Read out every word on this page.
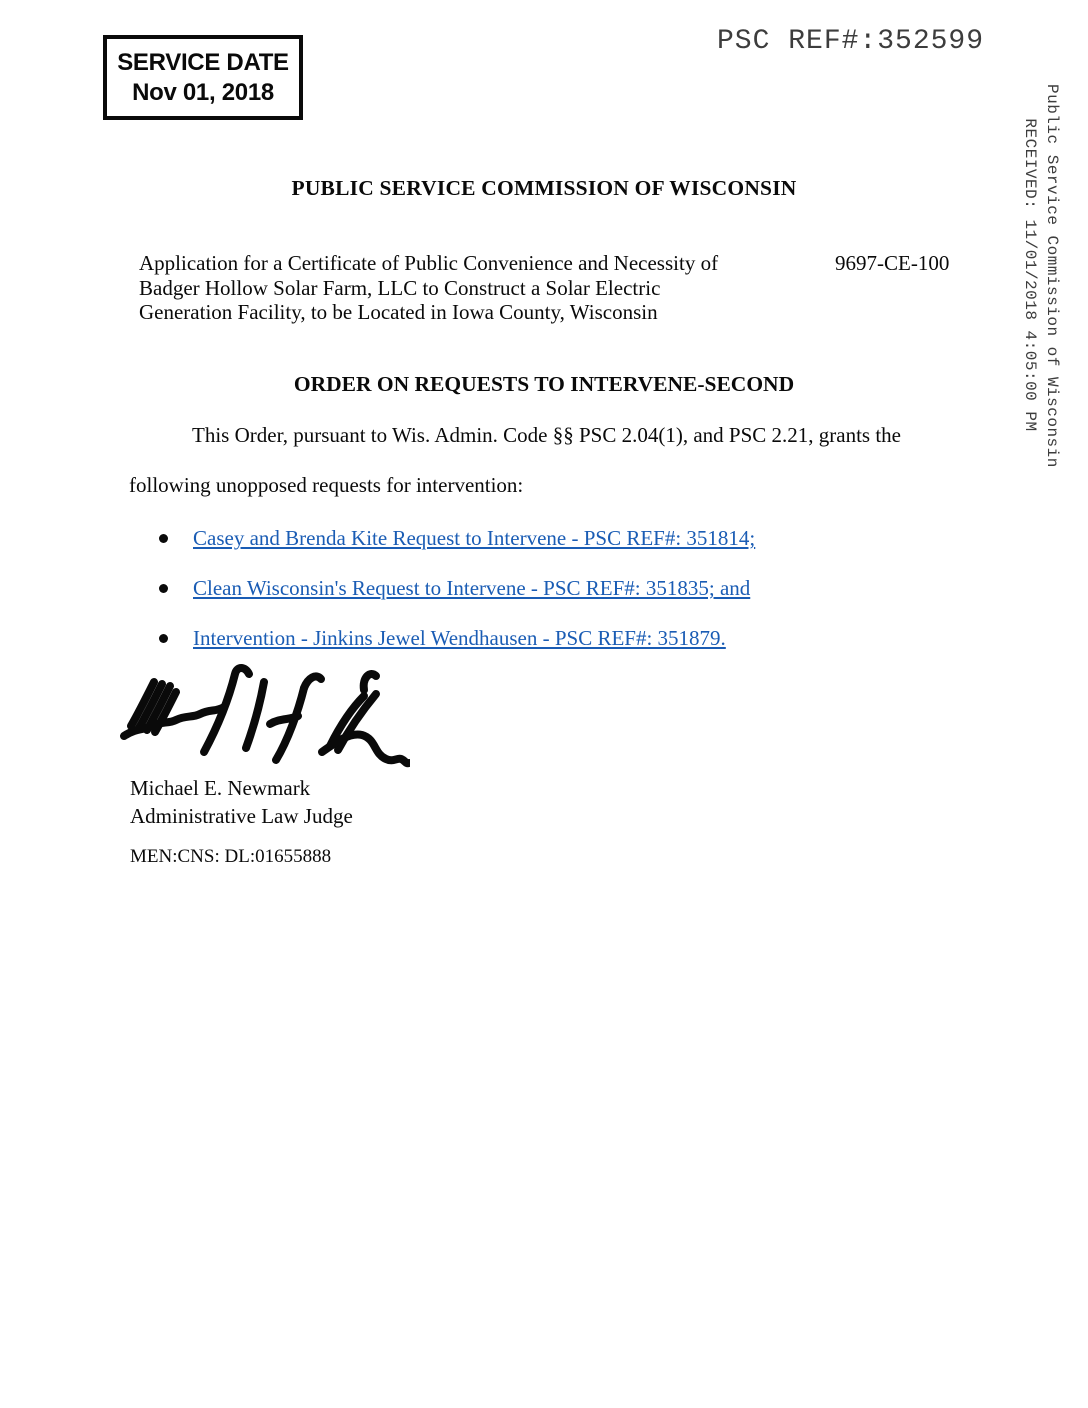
SERVICE DATE
Nov 01, 2018
PSC REF#:352599
Public Service Commission of Wisconsin
RECEIVED: 11/01/2018 4:05:00 PM
PUBLIC SERVICE COMMISSION OF WISCONSIN
Application for a Certificate of Public Convenience and Necessity of
Badger Hollow Solar Farm, LLC to Construct a Solar Electric
Generation Facility, to be Located in Iowa County, Wisconsin
9697-CE-100
ORDER ON REQUESTS TO INTERVENE-SECOND
This Order, pursuant to Wis. Admin. Code §§ PSC 2.04(1), and PSC 2.21, grants the
following unopposed requests for intervention:
Casey and Brenda Kite Request to Intervene - PSC REF#: 351814;
Clean Wisconsin's Request to Intervene - PSC REF#: 351835; and
Intervention - Jinkins Jewel Wendhausen - PSC REF#: 351879.
Michael E. Newmark
Administrative Law Judge
MEN:CNS: DL:01655888
